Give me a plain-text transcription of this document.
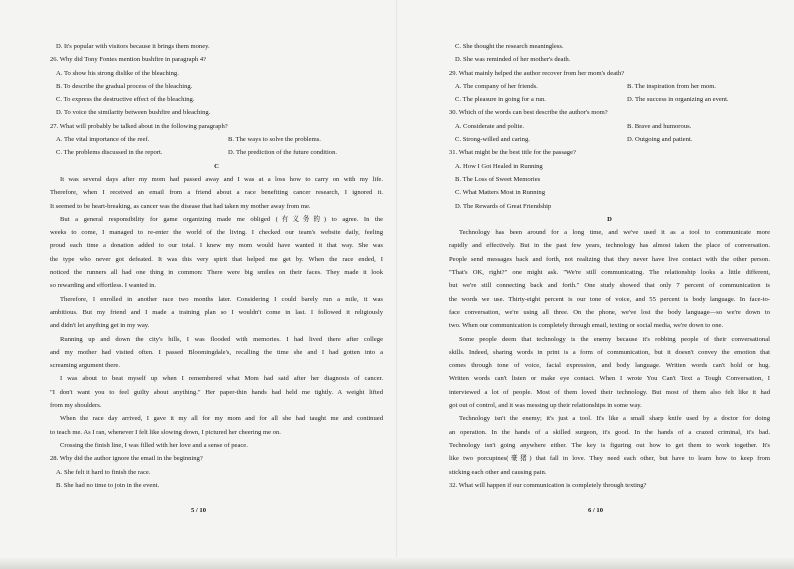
D. It's popular with visitors because it brings them money.
26. Why did Tony Fontes mention bushfire in paragraph 4?
A. To show his strong dislike of the bleaching.
B. To describe the gradual process of the bleaching.
C. To express the destructive effect of the bleaching.
D. To voice the similarity between bushfire and bleaching.
27. What will probably be talked about in the following paragraph?
A. The vital importance of the reef.	B. The ways to solve the problems.
C. The problems discussed in the report.	D. The prediction of the future condition.
C
It was several days after my mom had passed away and I was at a loss how to carry on with my life.
Therefore, when I received an email from a friend about a race benefiting cancer research, I ignored it.
It seemed to be heart-breaking, as cancer was the disease that had taken my mother away from me.
But a general responsibility for game organizing made me obliged (有义务的) to agree. In the
weeks to come, I managed to re-enter the world of the living. I checked our team's website daily, feeling
proud each time a donation added to our total. I knew my mom would have wanted it that way. She was
the type who never got defeated. It was this very spirit that helped me get by. When the race ended, I
noticed the runners all had one thing in common: There were big smiles on their faces. They made it look
so rewarding and effortless. I wanted in.
Therefore, I enrolled in another race two months later. Considering I could barely run a mile, it was
ambitious. But my friend and I made a training plan so I wouldn't come in last. I followed it religiously
and didn't let anything get in my way.
Running up and down the city's hills, I was flooded with memories. I had lived there after college
and my mother had visited often. I passed Bloomingdale's, recalling the time she and I had gotten into a
screaming argument there.
I was about to beat myself up when I remembered what Mom had said after her diagnosis of cancer.
"I don't want you to feel guilty about anything." Her paper-thin hands had held me tightly. A weight lifted
from my shoulders.
When the race day arrived, I gave it my all for my mom and for all she had taught me and continued
to teach me. As I ran, whenever I felt like slowing down, I pictured her cheering me on.
Crossing the finish line, I was filled with her love and a sense of peace.
28. Why did the author ignore the email in the beginning?
A. She felt it hard to finish the race.
B. She had no time to join in the event.
5 / 10
C. She thought the research meaningless.
D. She was reminded of her mother's death.
29. What mainly helped the author recover from her mom's death?
A. The company of her friends.	B. The inspiration from her mom.
C. The pleasure in going for a run.	D. The success in organizing an event.
30. Which of the words can best describe the author's mom?
A. Considerate and polite.	B. Brave and humorous.
C. Strong-willed and caring.	D. Outgoing and patient.
31. What might be the best title for the passage?
A. How I Got Healed in Running
B. The Loss of Sweet Memories
C. What Matters Most in Running
D. The Rewards of Great Friendship
D
Technology has been around for a long time, and we've used it as a tool to communicate more
rapidly and effectively. But in the past few years, technology has almost taken the place of conversation.
People send messages back and forth, not realizing that they never have live contact with the other person.
"That's OK, right?" one might ask. "We're still communicating. The relationship looks a little different,
but we're still connecting back and forth." One study showed that only 7 percent of communication is
the words we use. Thirty-eight percent is our tone of voice, and 55 percent is body language. In face-to-
face conversation, we're using all three. On the phone, we've lost the body language—so we're down to
two. When our communication is completely through email, texting or social media, we're down to one.
Some people deem that technology is the enemy because it's robbing people of their conversational
skills. Indeed, sharing words in print is a form of communication, but it doesn't convey the emotion that
comes through tone of voice, facial expression, and body language. Written words can't hold or hug.
Written words can't listen or make eye contact. When I wrote You Can't Text a Tough Conversation, I
interviewed a lot of people. Most of them loved their technology. But most of them also felt like it had
got out of control, and it was messing up their relationships in some way.
Technology isn't the enemy; it's just a tool. It's like a small sharp knife used by a doctor for doing
an operation. In the hands of a skilled surgeon, it's good. In the hands of a crazed criminal, it's bad.
Technology isn't going anywhere either. The key is figuring out how to get them to work together. It's
like two porcupines(豪猪) that fall in love. They need each other, but have to learn how to keep from
sticking each other and causing pain.
32. What will happen if our communication is completely through texting?
6 / 10
